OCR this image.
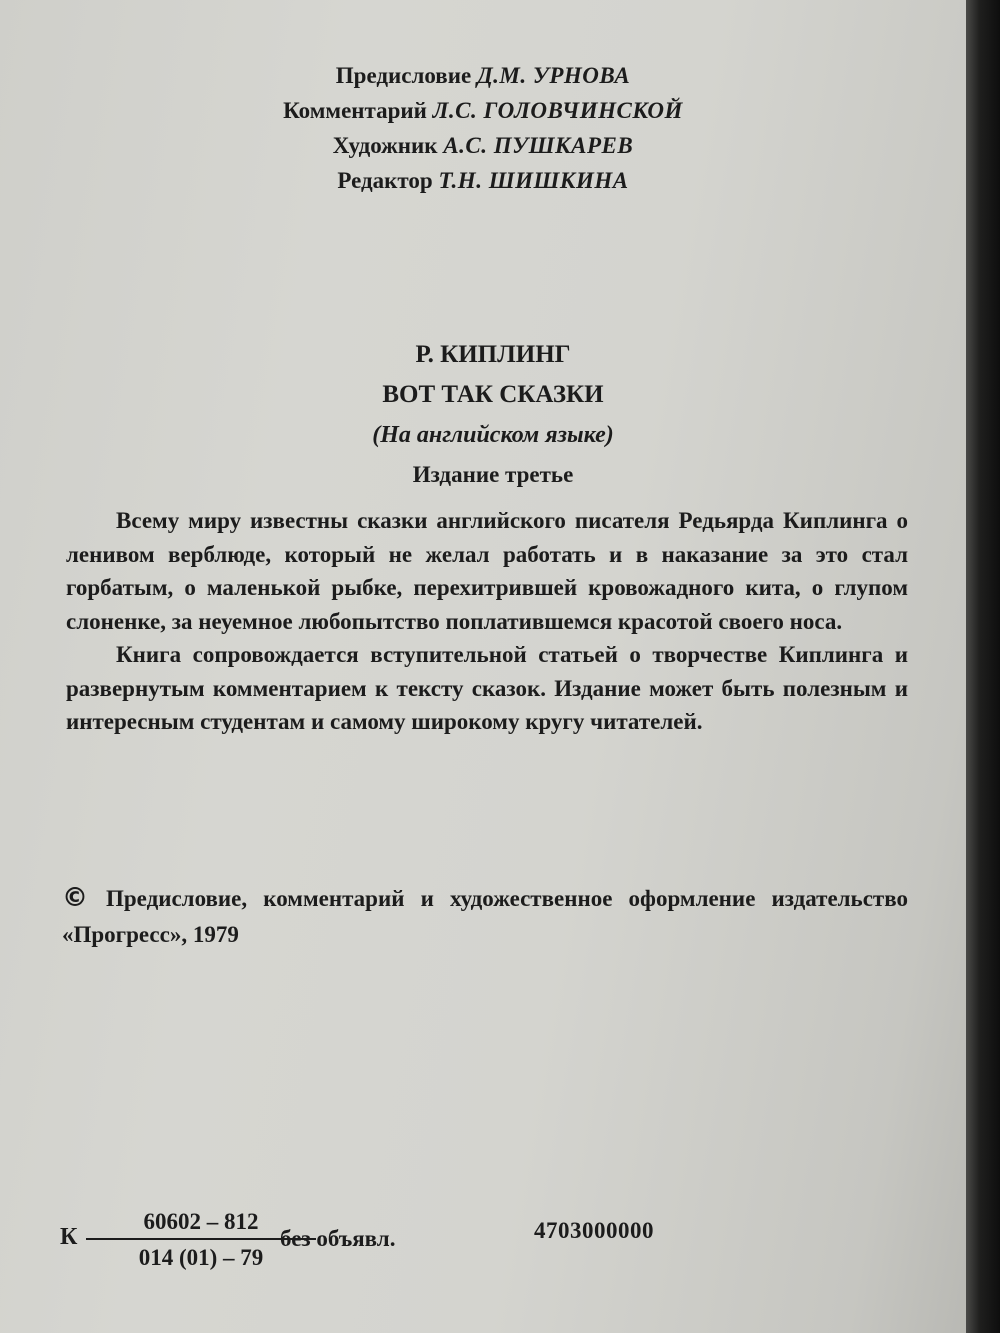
Предисловие Д.М. УРНОВА
Комментарий Л.С. ГОЛОВЧИНСКОЙ
Художник А.С. ПУШКАРЕВ
Редактор Т.Н. ШИШКИНА
Р. КИПЛИНГ
ВОТ ТАК СКАЗКИ
(На английском языке)
Издание третье

Всему миру известны сказки английского писателя Редьярда Киплинга о ленивом верблюде, который не желал работать и в наказание за это стал горбатым, о маленькой рыбке, перехитрившей кровожадного кита, о глупом слоненке, за неуемное любопытство поплатившемся красотой своего носа.

Книга сопровождается вступительной статьей о творчестве Киплинга и развернутым комментарием к тексту сказок. Издание может быть полезным и интересным студентам и самому широкому кругу читателей.

© Предисловие, комментарий и художественное оформление издательство «Прогресс», 1979
К
60602 – 812
014 (01) – 79
без объявл.	4703000000
